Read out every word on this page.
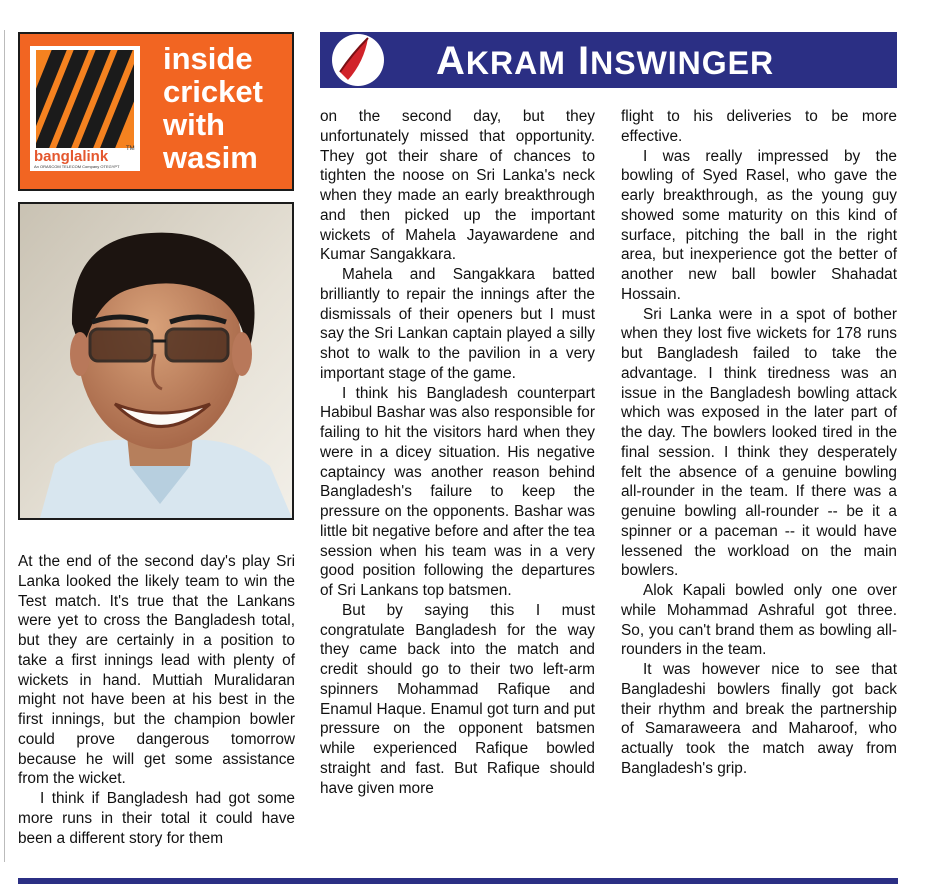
banglalink	TM
An ORASCOM TELECOM Company OTEGYPT
inside
cricket
with
wasim
AKRAM INSWINGER

At the end of the second day's play Sri Lanka looked the likely team to win the Test match. It's true that the Lankans were yet to cross the Bangladesh total, but they are certainly in a position to take a first innings lead with plenty of wickets in hand. Muttiah Muralidaran might not have been at his best in the first innings, but the champion bowler could prove dangerous tomorrow because he will get some assistance from the wicket.

I think if Bangladesh had got some more runs in their total it could have been a different story for them

on the second day, but they unfortunately missed that opportunity. They got their share of chances to tighten the noose on Sri Lanka's neck when they made an early breakthrough and then picked up the important wickets of Mahela Jayawardene and Kumar Sangakkara.

Mahela and Sangakkara batted brilliantly to repair the innings after the dismissals of their openers but I must say the Sri Lankan captain played a silly shot to walk to the pavilion in a very important stage of the game.

I think his Bangladesh counterpart Habibul Bashar was also responsible for failing to hit the visitors hard when they were in a dicey situation. His negative captaincy was another reason behind Bangladesh's failure to keep the pressure on the opponents. Bashar was little bit negative before and after the tea session when his team was in a very good position following the departures of Sri Lankans top batsmen.

But by saying this I must congratulate Bangladesh for the way they came back into the match and credit should go to their two left-arm spinners Mohammad Rafique and Enamul Haque. Enamul got turn and put pressure on the opponent batsmen while experienced Rafique bowled straight and fast. But Rafique should have given more

flight to his deliveries to be more effective.

I was really impressed by the bowling of Syed Rasel, who gave the early breakthrough, as the young guy showed some maturity on this kind of surface, pitching the ball in the right area, but inexperience got the better of another new ball bowler Shahadat Hossain.

Sri Lanka were in a spot of bother when they lost five wickets for 178 runs but Bangladesh failed to take the advantage. I think tiredness was an issue in the Bangladesh bowling attack which was exposed in the later part of the day. The bowlers looked tired in the final session. I think they desperately felt the absence of a genuine bowling all-rounder in the team. If there was a genuine bowling all-rounder -- be it a spinner or a paceman -- it would have lessened the workload on the main bowlers.

Alok Kapali bowled only one over while Mohammad Ashraful got three. So, you can't brand them as bowling all-rounders in the team.

It was however nice to see that Bangladeshi bowlers finally got back their rhythm and break the partnership of Samaraweera and Maharoof, who actually took the match away from Bangladesh's grip.
